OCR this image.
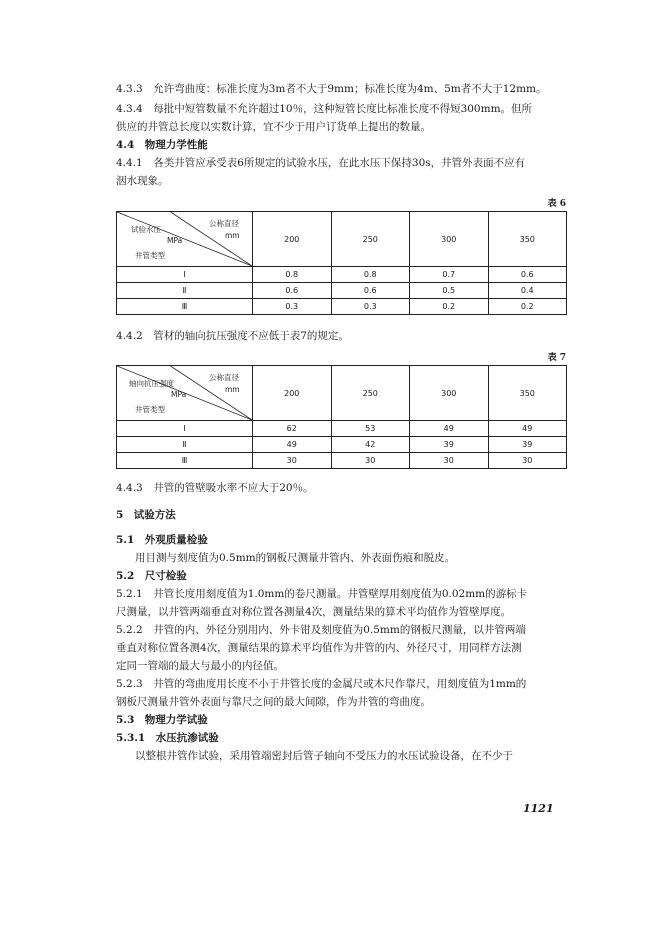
4.3.3　允许弯曲度：标准长度为3m者不大于9mm；标准长度为4m、5m者不大于12mm。
4.3.4　每批中短管数量不允许超过10％，这种短管长度比标准长度不得短300mm。但所
供应的井管总长度以实数计算，宜不少于用户订货单上提出的数量。
4.4　物理力学性能
4.4.1　各类井管应承受表6所规定的试验水压，在此水压下保持30s，井管外表面不应有
洇水现象。
表 6
公称直径
mm
试验水压
MPa
井管类型	200	250	300	350
Ⅰ	0.8	0.8	0.7	0.6
Ⅱ	0.6	0.6	0.5	0.4
Ⅲ	0.3	0.3	0.2	0.2
4.4.2　管材的轴向抗压强度不应低于表7的规定。
表 7
公称直径
mm
轴向抗压强度
MPa
井管类型	200	250	300	350
Ⅰ	62	53	49	49
Ⅱ	49	42	39	39
Ⅲ	30	30	30	30
4.4.3　井管的管壁吸水率不应大于20％。
5　试验方法
5.1　外观质量检验
用目测与刻度值为0.5mm的钢板尺测量井管内、外表面伤痕和脱皮。
5.2　尺寸检验
5.2.1　井管长度用刻度值为1.0mm的卷尺测量。井管壁厚用刻度值为0.02mm的游标卡
尺测量，以井管两端垂直对称位置各测量4次，测量结果的算术平均值作为管壁厚度。
5.2.2　井管的内、外径分别用内、外卡钳及刻度值为0.5mm的钢板尺测量，以井管两端
垂直对称位置各测4次，测量结果的算术平均值作为井管的内、外径尺寸，用同样方法测
定同一管端的最大与最小的内径值。
5.2.3　井管的弯曲度用长度不小于井管长度的金属尺或木尺作靠尺，用刻度值为1mm的
钢板尺测量井管外表面与靠尺之间的最大间隙，作为井管的弯曲度。
5.3　物理力学试验
5.3.1　水压抗渗试验
以整根井管作试验，采用管端密封后管子轴向不受压力的水压试验设备，在不少于
1121
